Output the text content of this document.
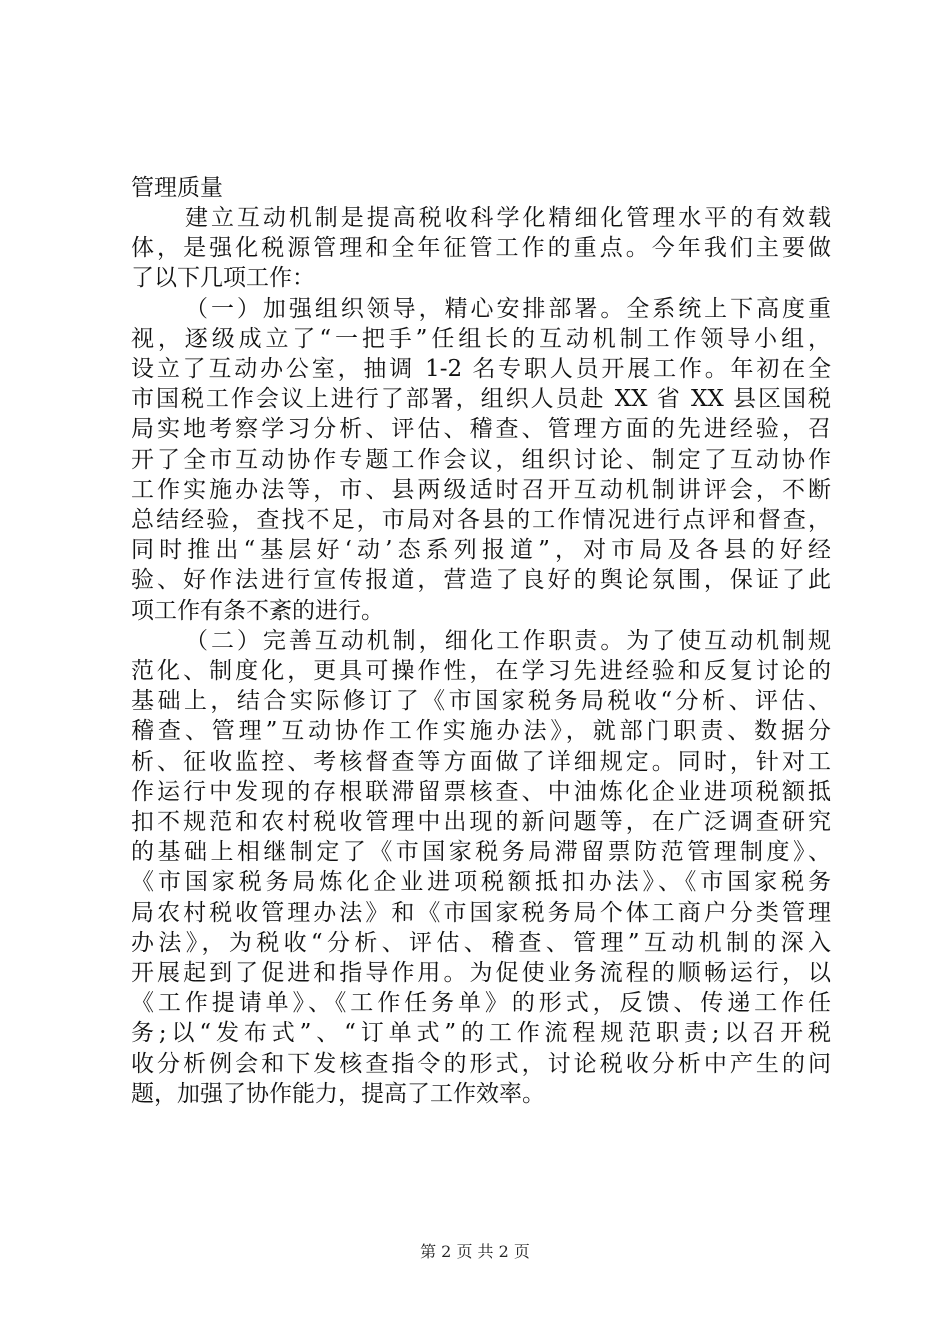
管理质量
建立互动机制是提高税收科学化精细化管理水平的有效载
体，是强化税源管理和全年征管工作的重点。今年我们主要做
了以下几项工作：
（一）加强组织领导，精心安排部署。全系统上下高度重
视，逐级成立了“一把手”任组长的互动机制工作领导小组，
设立了互动办公室，抽调 1-2 名专职人员开展工作。年初在全
市国税工作会议上进行了部署，组织人员赴 XX 省 XX 县区国税
局实地考察学习分析、评估、稽查、管理方面的先进经验，召
开了全市互动协作专题工作会议，组织讨论、制定了互动协作
工作实施办法等，市、县两级适时召开互动机制讲评会，不断
总结经验，查找不足，市局对各县的工作情况进行点评和督查，
同时推出“基层好‘动’态系列报道”，对市局及各县的好经
验、好作法进行宣传报道，营造了良好的舆论氛围，保证了此
项工作有条不紊的进行。
（二）完善互动机制，细化工作职责。为了使互动机制规
范化、制度化，更具可操作性，在学习先进经验和反复讨论的
基础上，结合实际修订了《市国家税务局税收“分析、评估、
稽查、管理”互动协作工作实施办法》，就部门职责、数据分
析、征收监控、考核督查等方面做了详细规定。同时，针对工
作运行中发现的存根联滞留票核查、中油炼化企业进项税额抵
扣不规范和农村税收管理中出现的新问题等，在广泛调查研究
的基础上相继制定了《市国家税务局滞留票防范管理制度》、
《市国家税务局炼化企业进项税额抵扣办法》、《市国家税务
局农村税收管理办法》和《市国家税务局个体工商户分类管理
办法》，为税收“分析、评估、稽查、管理”互动机制的深入
开展起到了促进和指导作用。为促使业务流程的顺畅运行，以
《工作提请单》、《工作任务单》的形式，反馈、传递工作任
务;以“发布式”、“订单式”的工作流程规范职责;以召开税
收分析例会和下发核查指令的形式，讨论税收分析中产生的问
题，加强了协作能力，提高了工作效率。
第 2 页 共 2 页
